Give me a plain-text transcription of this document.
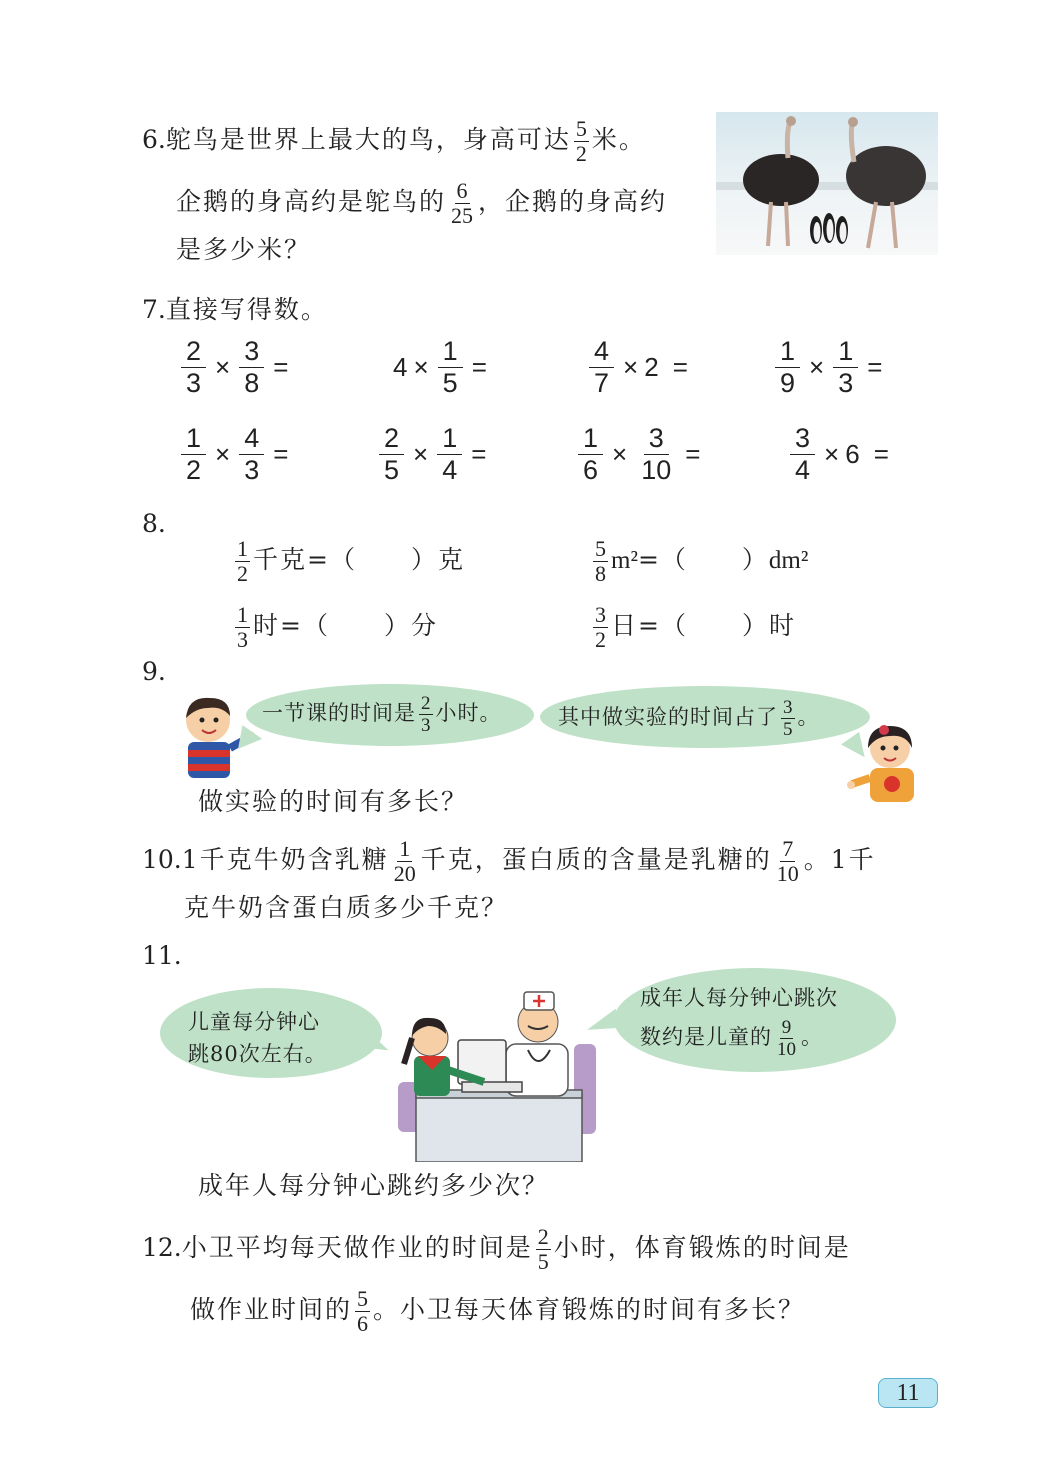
6.鸵鸟是世界上最大的鸟，身高可达 $\frac{5}{2}$ 米。
企鹅的身高约是鸵鸟的 $\frac{6}{25}$ ，企鹅的身高约
是多少米？
7.直接写得数。
$\frac{2}{3} \times \frac{3}{8}$ =	$4 \times \frac{1}{5}$ =	$\frac{4}{7} \times 2$ =	$\frac{1}{9} \times \frac{1}{3}$ =
$\frac{1}{2} \times \frac{4}{3}$ =	$\frac{2}{5} \times \frac{1}{4}$ =	$\frac{1}{6} \times \frac{3}{10}$ =	$\frac{3}{4} \times 6$ =
8.
$\frac{1}{2}$ 千克=（　　）克	$\frac{5}{8} m^2=$（　　）dm²
$\frac{1}{3}$ 时=（　　）分	$\frac{3}{2}$ 日=（　　）时
9.
一节课的时间是 $\frac{2}{3}$ 小时。	其中做实验的时间占了 $\frac{3}{5}$ 。
做实验的时间有多长？
10.1千克牛奶含乳糖 $\frac{1}{20}$ 千克，蛋白质的含量是乳糖的 $\frac{7}{10}$ 。1千
克牛奶含蛋白质多少千克？
11.
儿童每分钟心
跳80次左右。
成年人每分钟心跳次
数约是儿童的 $\frac{9}{10}$ 。
成年人每分钟心跳约多少次？
12.小卫平均每天做作业的时间是 $\frac{2}{5}$ 小时，体育锻炼的时间是
做作业时间的 $\frac{5}{6}$ 。小卫每天体育锻炼的时间有多长？
11
